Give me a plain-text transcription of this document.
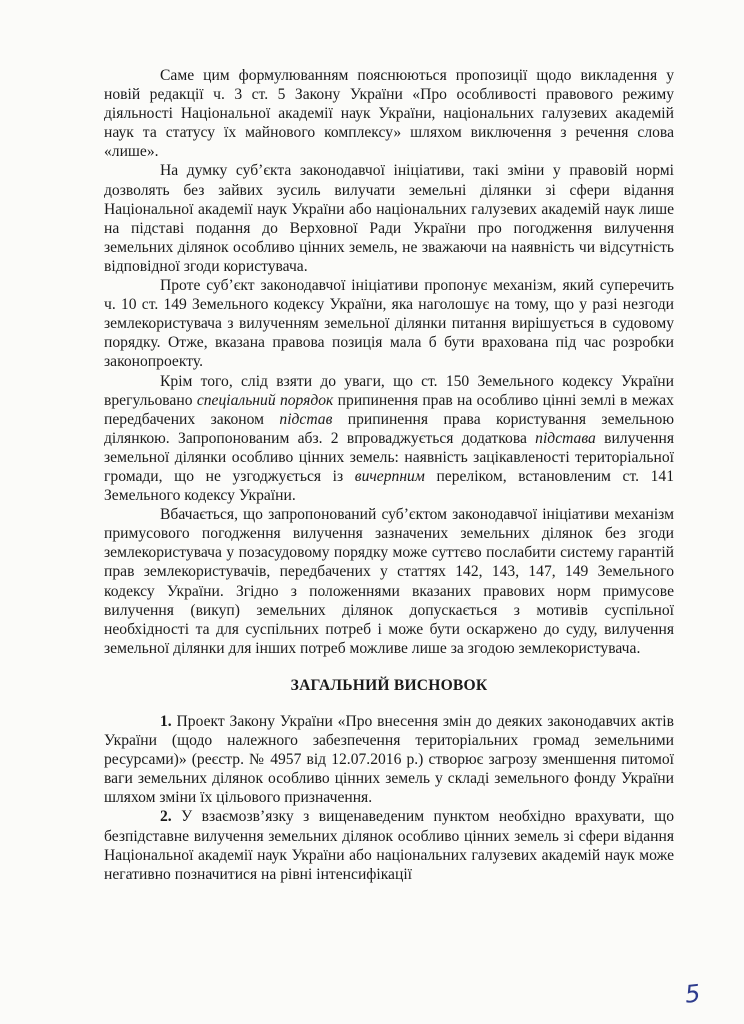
Саме цим формулюванням пояснюються пропозиції щодо викладення у новій редакції ч. 3 ст. 5 Закону України «Про особливості правового режиму діяльності Національної академії наук України, національних галузевих академій наук та статусу їх майнового комплексу» шляхом виключення з речення слова «лише».

На думку суб’єкта законодавчої ініціативи, такі зміни у правовій нормі дозволять без зайвих зусиль вилучати земельні ділянки зі сфери відання Національної академії наук України або національних галузевих академій наук лише на підставі подання до Верховної Ради України про погодження вилучення земельних ділянок особливо цінних земель, не зважаючи на наявність чи відсутність відповідної згоди користувача.

Проте суб’єкт законодавчої ініціативи пропонує механізм, який суперечить ч. 10 ст. 149 Земельного кодексу України, яка наголошує на тому, що у разі незгоди землекористувача з вилученням земельної ділянки питання вирішується в судовому порядку. Отже, вказана правова позиція мала б бути врахована під час розробки законопроекту.

Крім того, слід взяти до уваги, що ст. 150 Земельного кодексу України врегульовано спеціальний порядок припинення прав на особливо цінні землі в межах передбачених законом підстав припинення права користування земельною ділянкою. Запропонованим абз. 2 впроваджується додаткова підстава вилучення земельної ділянки особливо цінних земель: наявність зацікавленості територіальної громади, що не узгоджується із вичерпним переліком, встановленим ст. 141 Земельного кодексу України.

Вбачається, що запропонований суб’єктом законодавчої ініціативи механізм примусового погодження вилучення зазначених земельних ділянок без згоди землекористувача у позасудовому порядку може суттєво послабити систему гарантій прав землекористувачів, передбачених у статтях 142, 143, 147, 149 Земельного кодексу України. Згідно з положеннями вказаних правових норм примусове вилучення (викуп) земельних ділянок допускається з мотивів суспільної необхідності та для суспільних потреб і може бути оскаржено до суду, вилучення земельної ділянки для інших потреб можливе лише за згодою землекористувача.

ЗАГАЛЬНИЙ ВИСНОВОК

1. Проект Закону України «Про внесення змін до деяких законодавчих актів України (щодо належного забезпечення територіальних громад земельними ресурсами)» (реєстр. № 4957 від 12.07.2016 р.) створює загрозу зменшення питомої ваги земельних ділянок особливо цінних земель у складі земельного фонду України шляхом зміни їх цільового призначення.

2. У взаємозв’язку з вищенаведеним пунктом необхідно врахувати, що безпідставне вилучення земельних ділянок особливо цінних земель зі сфери відання Національної академії наук України або національних галузевих академій наук може негативно позначитися на рівні інтенсифікації

5
